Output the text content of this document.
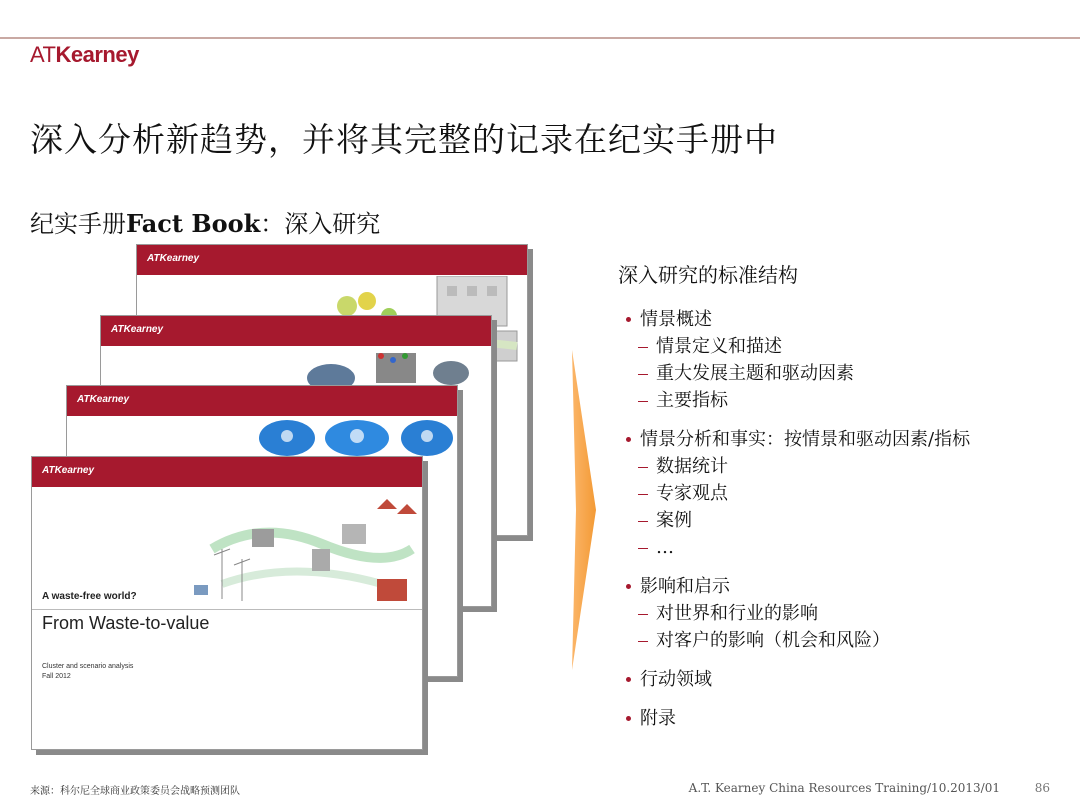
ATKearney
深入分析新趋势，并将其完整的记录在纪实手册中
纪实手册Fact Book：深入研究
ATKearney
ATKearney
ATKearney
ATKearney
A waste-free world?
From Waste-to-value
Cluster and scenario analysis
Fall 2012
深入研究的标准结构
情景概述
情景定义和描述
重大发展主题和驱动因素
主要指标
情景分析和事实：按情景和驱动因素/指标
数据统计
专家观点
案例
…
影响和启示
对世界和行业的影响
对客户的影响（机会和风险）
行动领域
附录
来源：科尔尼全球商业政策委员会战略预测团队	A.T. Kearney China Resources Training/10.2013/01	86
